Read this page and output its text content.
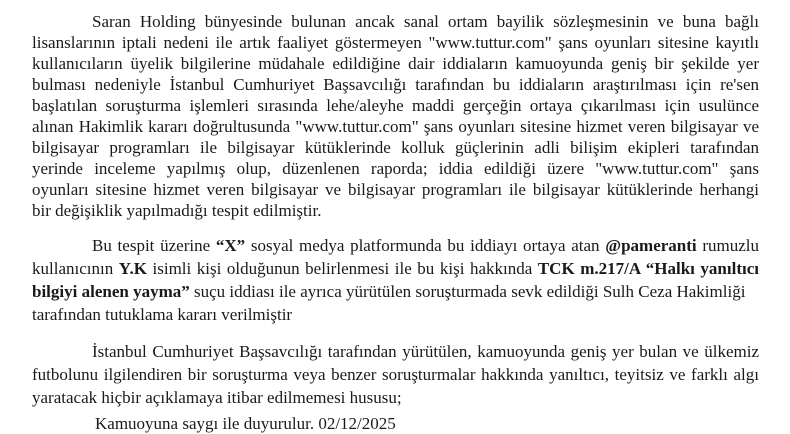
Saran Holding bünyesinde bulunan ancak sanal ortam bayilik sözleşmesinin ve buna bağlı
lisanslarının iptali nedeni ile artık faaliyet göstermeyen "www.tuttur.com" şans oyunları sitesine kayıtlı
kullanıcıların üyelik bilgilerine müdahale edildiğine dair iddiaların kamuoyunda geniş bir şekilde yer
bulması nedeniyle İstanbul Cumhuriyet Başsavcılığı tarafından bu iddiaların araştırılması için re'sen
başlatılan soruşturma işlemleri sırasında lehe/aleyhe maddi gerçeğin ortaya çıkarılması için usulünce
alınan Hakimlik kararı doğrultusunda "www.tuttur.com" şans oyunları sitesine hizmet veren bilgisayar ve
bilgisayar programları ile bilgisayar kütüklerinde kolluk güçlerinin adli bilişim ekipleri tarafından
yerinde inceleme yapılmış olup, düzenlenen raporda; iddia edildiği üzere "www.tuttur.com" şans
oyunları sitesine hizmet veren bilgisayar ve bilgisayar programları ile bilgisayar kütüklerinde herhangi
bir değişiklik yapılmadığı tespit edilmiştir.
Bu tespit üzerine “X” sosyal medya platformunda bu iddiayı ortaya atan @pameranti rumuzlu
kullanıcının Y.K isimli kişi olduğunun belirlenmesi ile bu kişi hakkında TCK m.217/A “Halkı yanıltıcı
bilgiyi alenen yayma” suçu iddiası ile ayrıca yürütülen soruşturmada sevk edildiği Sulh Ceza Hakimliği
tarafından tutuklama kararı verilmiştir
İstanbul Cumhuriyet Başsavcılığı tarafından yürütülen, kamuoyunda geniş yer bulan ve ülkemiz
futbolunu ilgilendiren bir soruşturma veya benzer soruşturmalar hakkında yanıltıcı, teyitsiz ve farklı algı
yaratacak hiçbir açıklamaya itibar edilmemesi hususu;
Kamuoyuna saygı ile duyurulur. 02/12/2025
